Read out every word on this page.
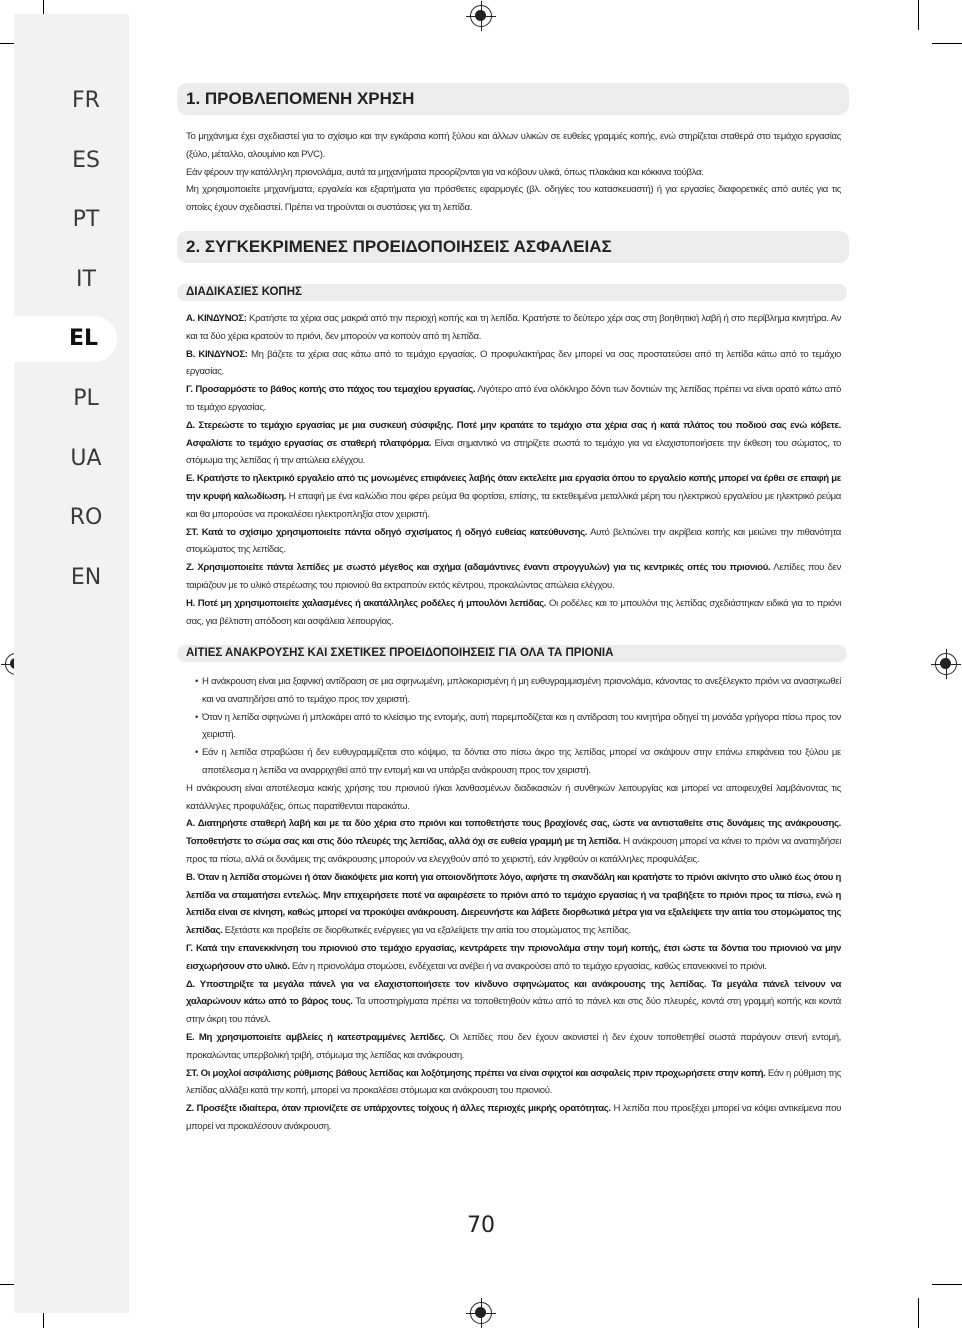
FR
ES
PT
IT
EL
PL
UA
RO
EN
1. ΠΡΟΒΛΕΠΟΜΕΝΗ ΧΡΗΣΗ

Το μηχάνημα έχει σχεδιαστεί για το σχίσιμο και την εγκάρσια κοπή ξύλου και άλλων υλικών σε ευθείες γραμμές κοπής, ενώ στηρίζεται σταθερά στο τεμάχιο εργασίας (ξύλο, μέταλλο, αλουμίνιο και PVC).

Εάν φέρουν την κατάλληλη πριονολάμα, αυτά τα μηχανήματα προορίζονται για να κόβουν υλικά, όπως πλακάκια και κόκκινα τούβλα.

Μη χρησιμοποιείτε μηχανήματα, εργαλεία και εξαρτήματα για πρόσθετες εφαρμογές (βλ. οδηγίες του κατασκευαστή) ή για εργασίες διαφορετικές από αυτές για τις οποίες έχουν σχεδιαστεί. Πρέπει να τηρούνται οι συστάσεις για τη λεπίδα.

2. ΣΥΓΚΕΚΡΙΜΕΝΕΣ ΠΡΟΕΙΔΟΠΟΙΗΣΕΙΣ ΑΣΦΑΛΕΙΑΣ
ΔΙΑΔΙΚΑΣΙΕΣ ΚΟΠΗΣ

Α. ΚΙΝΔΥΝΟΣ: Κρατήστε τα χέρια σας μακριά από την περιοχή κοπής και τη λεπίδα. Κρατήστε το δεύτερο χέρι σας στη βοηθητική λαβή ή στο περίβλημα κινητήρα. Αν και τα δύο χέρια κρατούν το πριόνι, δεν μπορούν να κοπούν από τη λεπίδα.

Β. ΚΙΝΔΥΝΟΣ: Μη βάζετε τα χέρια σας κάτω από το τεμάχιο εργασίας. Ο προφυλακτήρας δεν μπορεί να σας προστατεύσει από τη λεπίδα κάτω από το τεμάχιο εργασίας.

Γ. Προσαρμόστε το βάθος κοπής στο πάχος του τεμαχίου εργασίας. Λιγότερο από ένα ολόκληρο δόντι των δοντιών της λεπίδας πρέπει να είναι ορατό κάτω από το τεμάχιο εργασίας.

Δ. Στερεώστε το τεμάχιο εργασίας με μια συσκευή σύσφιξης. Ποτέ μην κρατάτε το τεμάχιο στα χέρια σας ή κατά πλάτος του ποδιού σας ενώ κόβετε. Ασφαλίστε το τεμάχιο εργασίας σε σταθερή πλατφόρμα. Είναι σημαντικό να στηρίζετε σωστά το τεμάχιο για να ελαχιστοποιήσετε την έκθεση του σώματος, το στόμωμα της λεπίδας ή την απώλεια ελέγχου.

Ε. Κρατήστε το ηλεκτρικό εργαλείο από τις μονωμένες επιφάνειες λαβής όταν εκτελείτε μια εργασία όπου το εργαλείο κοπής μπορεί να έρθει σε επαφή με την κρυφή καλωδίωση. Η επαφή με ένα καλώδιο που φέρει ρεύμα θα φορτίσει, επίσης, τα εκτεθειμένα μεταλλικά μέρη του ηλεκτρικού εργαλείου με ηλεκτρικό ρεύμα και θα μπορούσε να προκαλέσει ηλεκτροπληξία στον χειριστή.

ΣΤ. Κατά το σχίσιμο χρησιμοποιείτε πάντα οδηγό σχισίματος ή οδηγό ευθείας κατεύθυνσης. Αυτό βελτιώνει την ακρίβεια κοπής και μειώνει την πιθανότητα στομώματος της λεπίδας.

Ζ. Χρησιμοποιείτε πάντα λεπίδες με σωστό μέγεθος και σχήμα (αδαμάντινες έναντι στρογγυλών) για τις κεντρικές οπές του πριονιού. Λεπίδες που δεν ταιριάζουν με το υλικό στερέωσης του πριονιού θα εκτραπούν εκτός κέντρου, προκαλώντας απώλεια ελέγχου.

Η. Ποτέ μη χρησιμοποιείτε χαλασμένες ή ακατάλληλες ροδέλες ή μπουλόνι λεπίδας. Οι ροδέλες και το μπουλόνι της λεπίδας σχεδιάστηκαν ειδικά για το πριόνι σας, για βέλτιστη απόδοση και ασφάλεια λειτουργίας.

ΑΙΤΙΕΣ ΑΝΑΚΡΟΥΣΗΣ ΚΑΙ ΣΧΕΤΙΚΕΣ ΠΡΟΕΙΔΟΠΟΙΗΣΕΙΣ ΓΙΑ ΟΛΑ ΤΑ ΠΡΙΟΝΙΑ

• Η ανάκρουση είναι μια ξαφνική αντίδραση σε μια σφηνωμένη, μπλοκαρισμένη ή μη ευθυγραμμισμένη πριονολάμα, κάνοντας το ανεξέλεγκτο πριόνι να ανασηκωθεί και να αναπηδήσει από το τεμάχιο προς τον χειριστή.

• Όταν η λεπίδα σφηνώνει ή μπλοκάρει από το κλείσιμο της εντομής, αυτή παρεμποδίζεται και η αντίδραση του κινητήρα οδηγεί τη μονάδα γρήγορα πίσω προς τον χειριστή.

• Εάν η λεπίδα στραβώσει ή δεν ευθυγραμμίζεται στο κόψιμο, τα δόντια στο πίσω άκρο της λεπίδας μπορεί να σκάψουν στην επάνω επιφάνεια του ξύλου με αποτέλεσμα η λεπίδα να αναρριχηθεί από την εντομή και να υπάρξει ανάκρουση προς τον χειριστή.

Η ανάκρουση είναι αποτέλεσμα κακής χρήσης του πριονιού ή/και λανθασμένων διαδικασιών ή συνθηκών λειτουργίας και μπορεί να αποφευχθεί λαμβάνοντας τις κατάλληλες προφυλάξεις, όπως παρατίθενται παρακάτω.

Α. Διατηρήστε σταθερή λαβή και με τα δύο χέρια στο πριόνι και τοποθετήστε τους βραχίονές σας, ώστε να αντισταθείτε στις δυνάμεις της ανάκρουσης. Τοποθετήστε το σώμα σας και στις δύο πλευρές της λεπίδας, αλλά όχι σε ευθεία γραμμή με τη λεπίδα. Η ανάκρουση μπορεί να κάνει το πριόνι να αναπηδήσει προς τα πίσω, αλλά οι δυνάμεις της ανάκρουσης μπορούν να ελεγχθούν από το χειριστή, εάν ληφθούν οι κατάλληλες προφυλάξεις.

Β. Όταν η λεπίδα στομώνει ή όταν διακόψετε μια κοπή για οποιονδήποτε λόγο, αφήστε τη σκανδάλη και κρατήστε το πριόνι ακίνητο στο υλικό έως ότου η λεπίδα να σταματήσει εντελώς. Μην επιχειρήσετε ποτέ να αφαιρέσετε το πριόνι από το τεμάχιο εργασίας ή να τραβήξετε το πριόνι προς τα πίσω, ενώ η λεπίδα είναι σε κίνηση, καθώς μπορεί να προκύψει ανάκρουση. Διερευνήστε και λάβετε διορθωτικά μέτρα για να εξαλείψετε την αιτία του στομώματος της λεπίδας. Εξετάστε και προβείτε σε διορθωτικές ενέργειες για να εξαλείψετε την αιτία του στομώματος της λεπίδας.

Γ. Κατά την επανεκκίνηση του πριονιού στο τεμάχιο εργασίας, κεντράρετε την πριονολάμα στην τομή κοπής, έτσι ώστε τα δόντια του πριονιού να μην εισχωρήσουν στο υλικό. Εάν η πριονολάμα στομώσει, ενδέχεται να ανέβει ή να ανακρούσει από το τεμάχιο εργασίας, καθώς επανεκκινεί το πριόνι.

Δ. Υποστηρίξτε τα μεγάλα πάνελ για να ελαχιστοποιήσετε τον κίνδυνο σφηνώματος και ανάκρουσης της λεπίδας. Τα μεγάλα πάνελ τείνουν να χαλαρώνουν κάτω από το βάρος τους. Τα υποστηρίγματα πρέπει να τοποθετηθούν κάτω από το πάνελ και στις δύο πλευρές, κοντά στη γραμμή κοπής και κοντά στην άκρη του πάνελ.

Ε. Μη χρησιμοποιείτε αμβλείες ή κατεστραμμένες λεπίδες. Οι λεπίδες που δεν έχουν ακονιστεί ή δεν έχουν τοποθετηθεί σωστά παράγουν στενή εντομή, προκαλώντας υπερβολική τριβή, στόμωμα της λεπίδας και ανάκρουση.

ΣΤ. Οι μοχλοί ασφάλισης ρύθμισης βάθους λεπίδας και λοξότμησης πρέπει να είναι σφιχτοί και ασφαλείς πριν προχωρήσετε στην κοπή. Εάν η ρύθμιση της λεπίδας αλλάξει κατά την κοπή, μπορεί να προκαλέσει στόμωμα και ανάκρουση του πριονιού.

Ζ. Προσέξτε ιδιαίτερα, όταν πριονίζετε σε υπάρχοντες τοίχους ή άλλες περιοχές μικρής ορατότητας. Η λεπίδα που προεξέχει μπορεί να κόψει αντικείμενα που μπορεί να προκαλέσουν ανάκρουση.

70
